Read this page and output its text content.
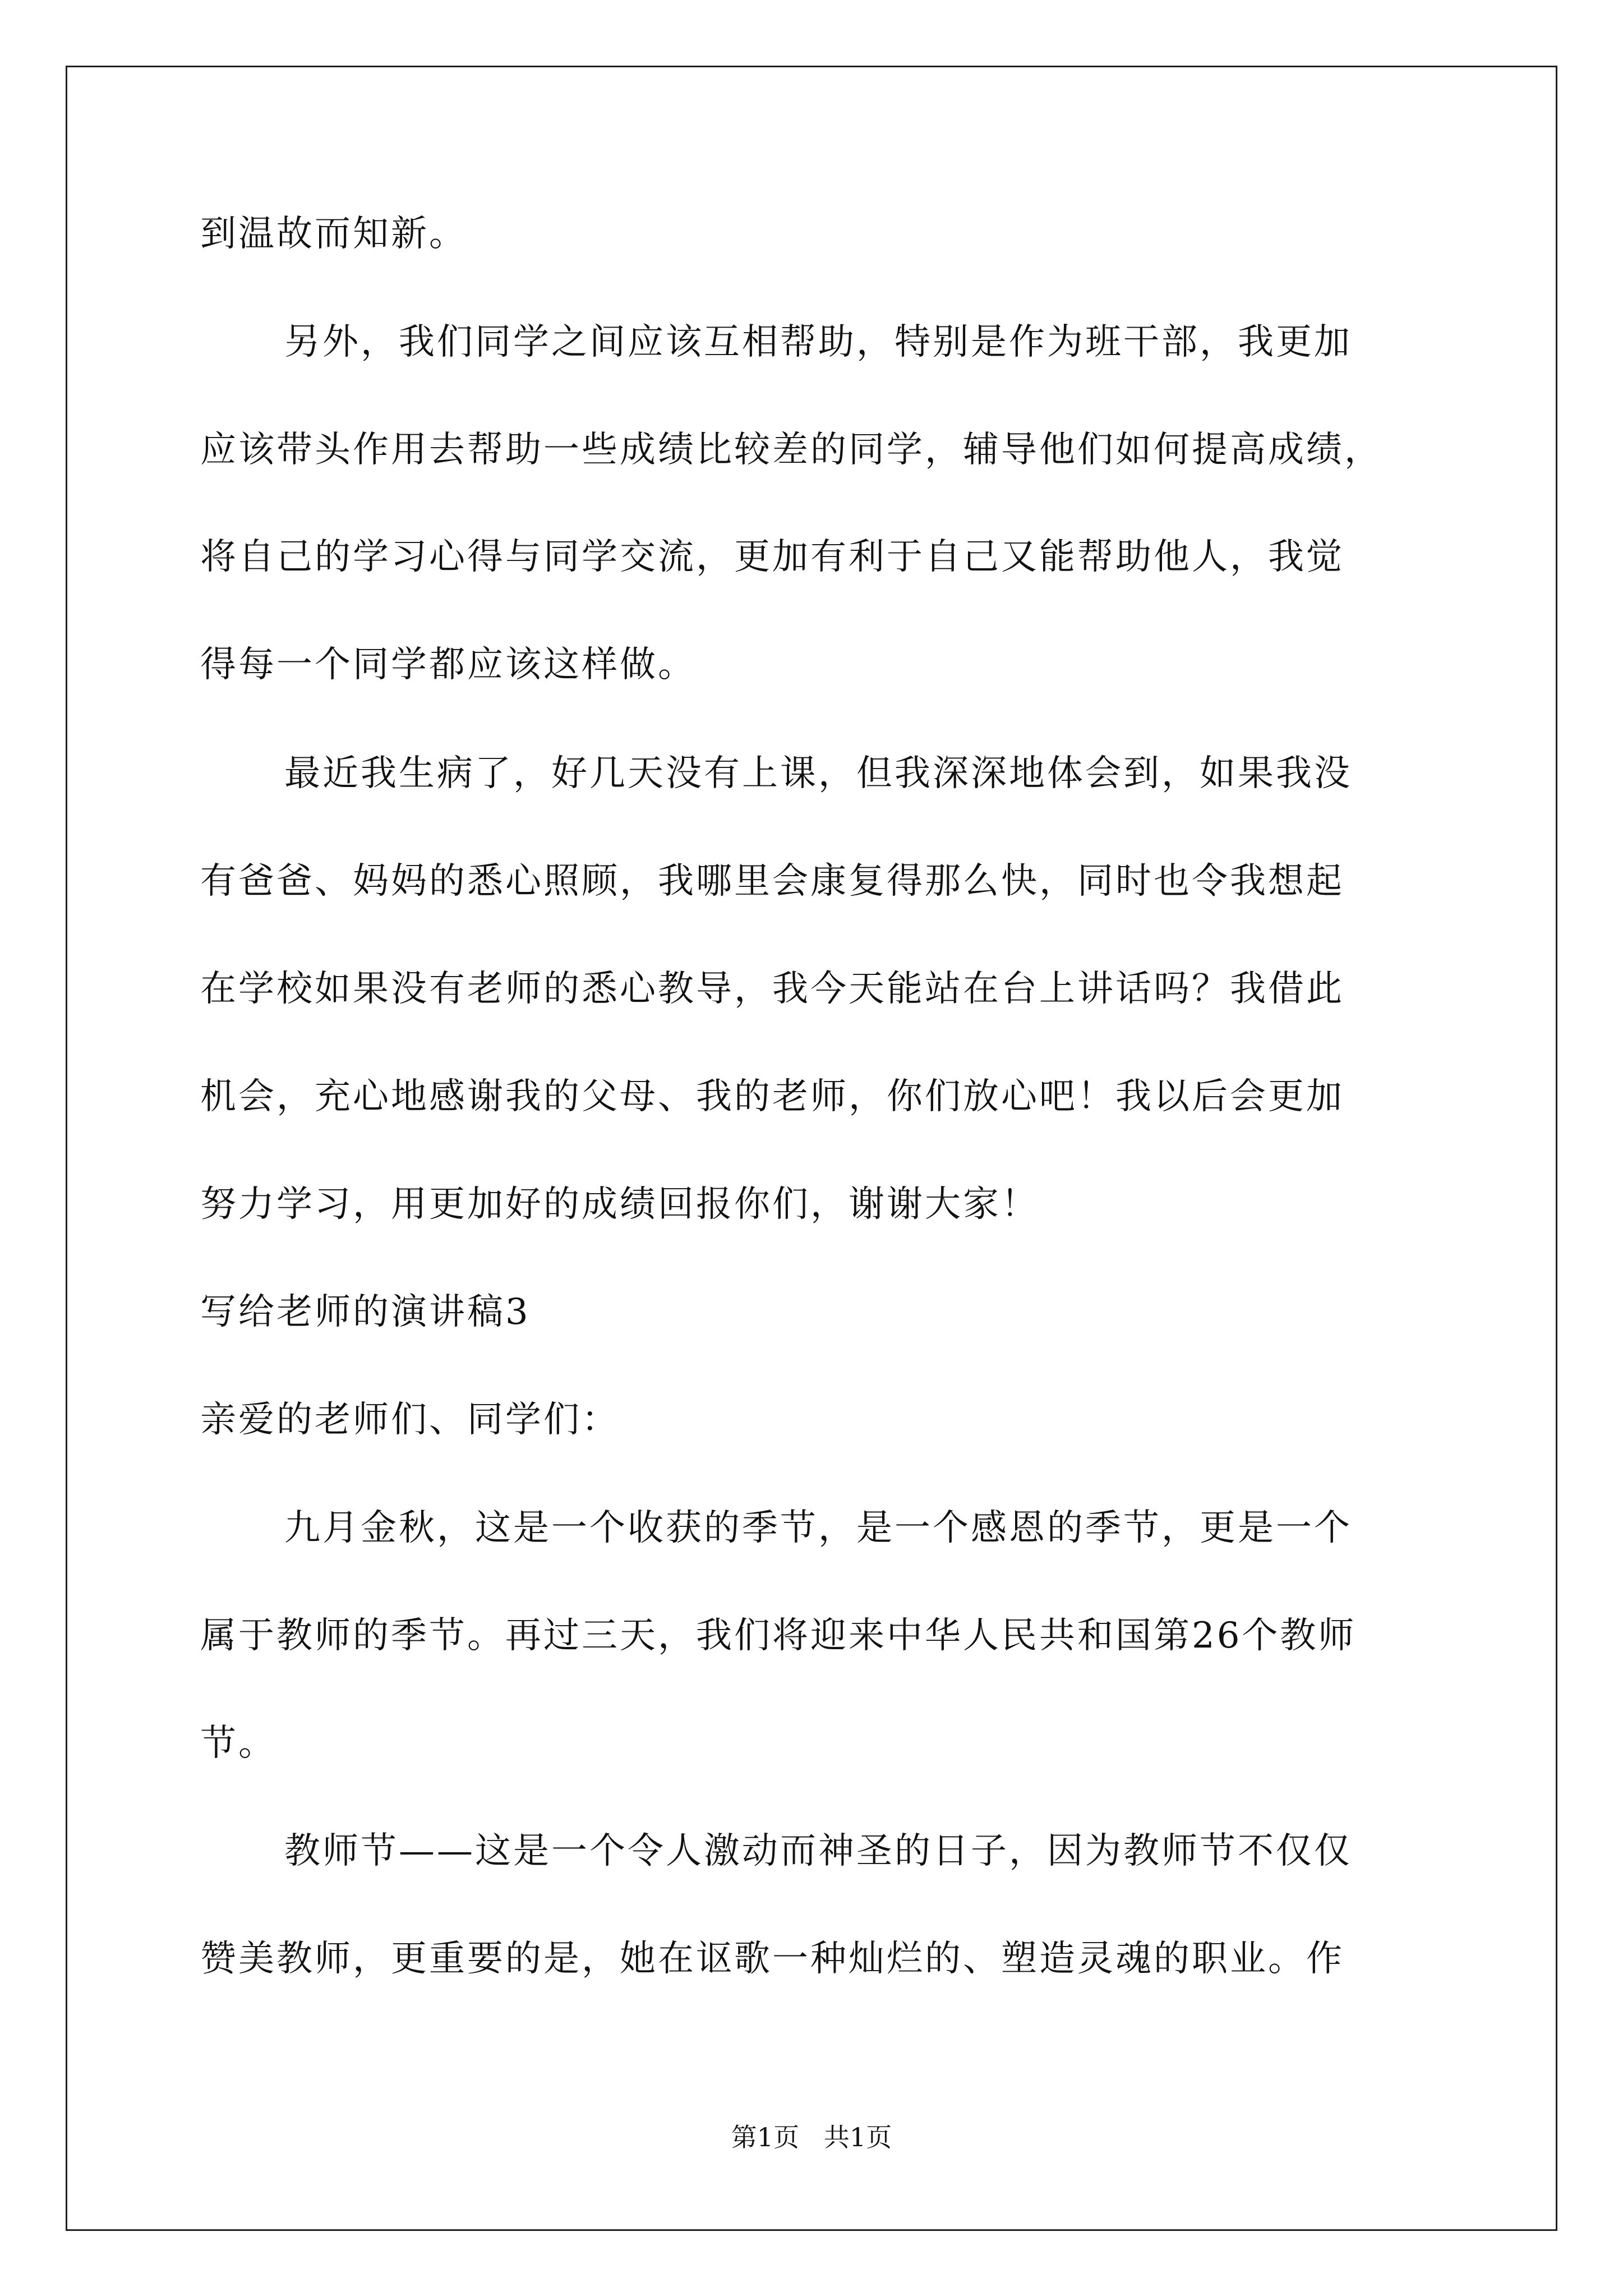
到温故而知新。
另外，我们同学之间应该互相帮助，特别是作为班干部，我更加
应该带头作用去帮助一些成绩比较差的同学，辅导他们如何提高成绩，
将自己的学习心得与同学交流，更加有利于自己又能帮助他人，我觉
得每一个同学都应该这样做。
最近我生病了，好几天没有上课，但我深深地体会到，如果我没
有爸爸、妈妈的悉心照顾，我哪里会康复得那么快，同时也令我想起
在学校如果没有老师的悉心教导，我今天能站在台上讲话吗？我借此
机会，充心地感谢我的父母、我的老师，你们放心吧！我以后会更加
努力学习，用更加好的成绩回报你们，谢谢大家！
写给老师的演讲稿3
亲爱的老师们、同学们：
九月金秋，这是一个收获的季节，是一个感恩的季节，更是一个
属于教师的季节。再过三天，我们将迎来中华人民共和国第26个教师
节。
教师节——这是一个令人激动而神圣的日子，因为教师节不仅仅
赞美教师，更重要的是，她在讴歌一种灿烂的、塑造灵魂的职业。作
第1页   共1页
